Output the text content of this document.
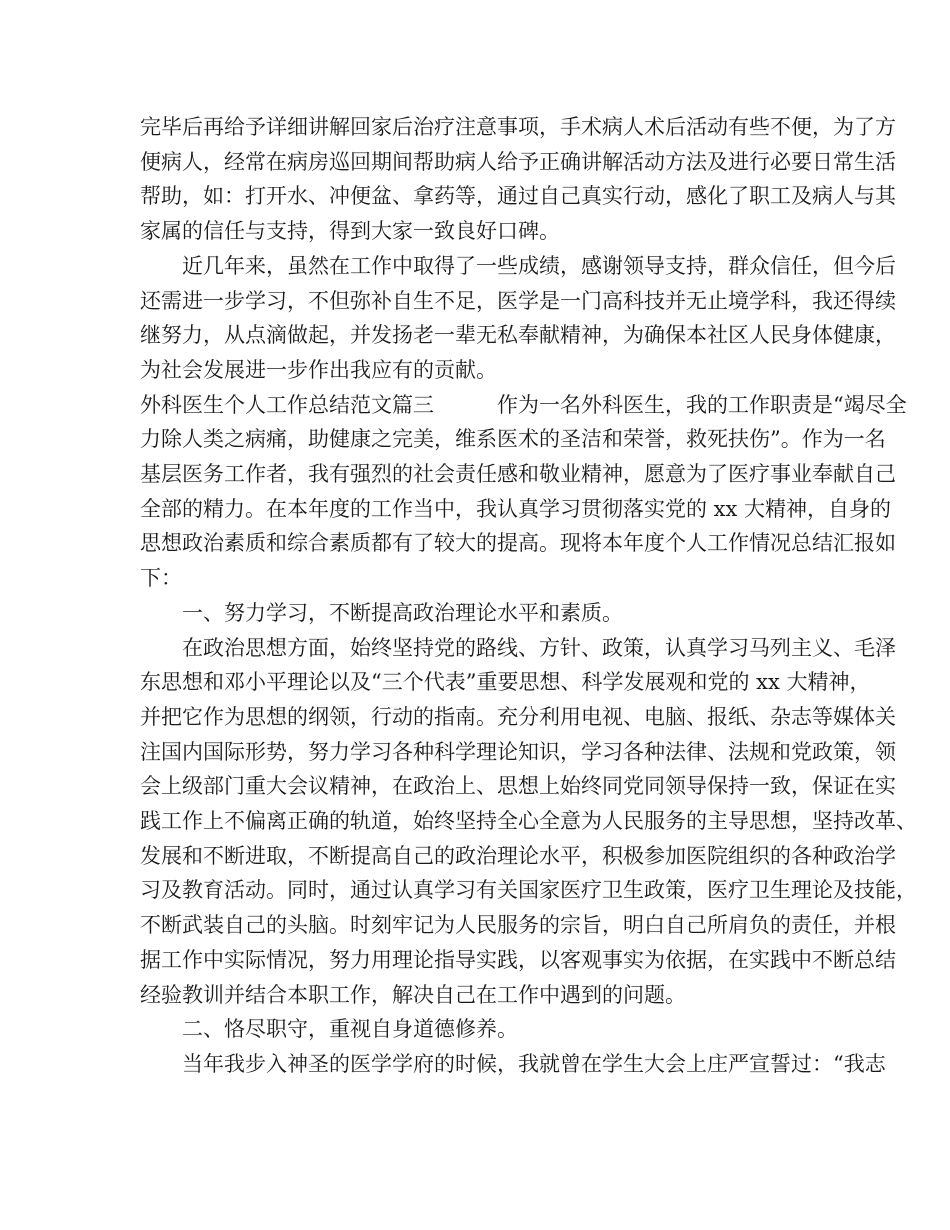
完毕后再给予详细讲解回家后治疗注意事项，手术病人术后活动有些不便，为了方
便病人，经常在病房巡回期间帮助病人给予正确讲解活动方法及进行必要日常生活
帮助，如：打开水、冲便盆、拿药等，通过自己真实行动，感化了职工及病人与其
家属的信任与支持，得到大家一致良好口碑。
　　近几年来，虽然在工作中取得了一些成绩，感谢领导支持，群众信任，但今后
还需进一步学习，不但弥补自生不足，医学是一门高科技并无止境学科，我还得续
继努力，从点滴做起，并发扬老一辈无私奉献精神，为确保本社区人民身体健康，
为社会发展进一步作出我应有的贡献。
外科医生个人工作总结范文篇三　　　作为一名外科医生，我的工作职责是“竭尽全
力除人类之病痛，助健康之完美，维系医术的圣洁和荣誉，救死扶伤”。作为一名
基层医务工作者，我有强烈的社会责任感和敬业精神，愿意为了医疗事业奉献自己
全部的精力。在本年度的工作当中，我认真学习贯彻落实党的 xx 大精神，自身的
思想政治素质和综合素质都有了较大的提高。现将本年度个人工作情况总结汇报如
下：
　　一、努力学习，不断提高政治理论水平和素质。
　　在政治思想方面，始终坚持党的路线、方针、政策，认真学习马列主义、毛泽
东思想和邓小平理论以及“三个代表”重要思想、科学发展观和党的 xx 大精神，
并把它作为思想的纲领，行动的指南。充分利用电视、电脑、报纸、杂志等媒体关
注国内国际形势，努力学习各种科学理论知识，学习各种法律、法规和党政策，领
会上级部门重大会议精神，在政治上、思想上始终同党同领导保持一致，保证在实
践工作上不偏离正确的轨道，始终坚持全心全意为人民服务的主导思想，坚持改革、
发展和不断进取，不断提高自己的政治理论水平，积极参加医院组织的各种政治学
习及教育活动。同时，通过认真学习有关国家医疗卫生政策，医疗卫生理论及技能，
不断武装自己的头脑。时刻牢记为人民服务的宗旨，明白自己所肩负的责任，并根
据工作中实际情况，努力用理论指导实践，以客观事实为依据，在实践中不断总结
经验教训并结合本职工作，解决自己在工作中遇到的问题。
　　二、恪尽职守，重视自身道德修养。
　　当年我步入神圣的医学学府的时候，我就曾在学生大会上庄严宣誓过：“我志
